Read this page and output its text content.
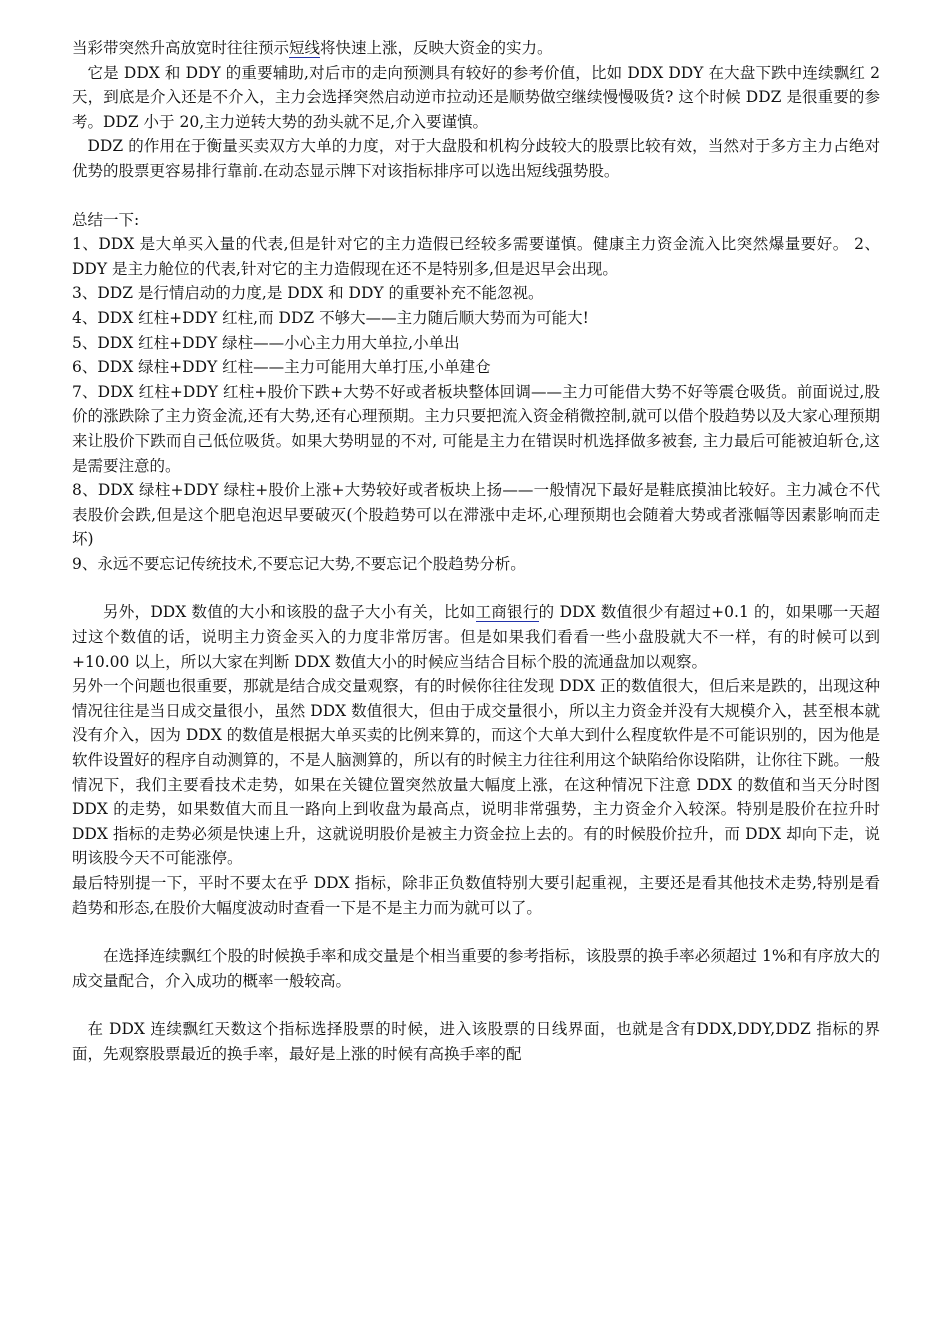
当彩带突然升高放宽时往往预示短线将快速上涨，反映大资金的实力。

它是 DDX 和 DDY 的重要辅助,对后市的走向预测具有较好的参考价值，比如 DDX DDY 在大盘下跌中连续飘红 2 天，到底是介入还是不介入，主力会选择突然启动逆市拉动还是顺势做空继续慢慢吸货? 这个时候 DDZ 是很重要的参考。DDZ 小于 20,主力逆转大势的劲头就不足,介入要谨慎。

DDZ 的作用在于衡量买卖双方大单的力度，对于大盘股和机构分歧较大的股票比较有效，当然对于多方主力占绝对优势的股票更容易排行靠前.在动态显示牌下对该指标排序可以选出短线强势股。

总结一下:

1、DDX 是大单买入量的代表,但是针对它的主力造假已经较多需要谨慎。健康主力资金流入比突然爆量要好。 2、DDY 是主力舱位的代表,针对它的主力造假现在还不是特别多,但是迟早会出现。

3、DDZ 是行情启动的力度,是 DDX 和 DDY 的重要补充不能忽视。

4、DDX 红柱+DDY 红柱,而 DDZ 不够大——主力随后顺大势而为可能大!

5、DDX 红柱+DDY 绿柱——小心主力用大单拉,小单出

6、DDX 绿柱+DDY 红柱——主力可能用大单打压,小单建仓

7、DDX 红柱+DDY 红柱+股价下跌+大势不好或者板块整体回调——主力可能借大势不好等震仓吸货。前面说过,股价的涨跌除了主力资金流,还有大势,还有心理预期。主力只要把流入资金稍微控制,就可以借个股趋势以及大家心理预期来让股价下跌而自己低位吸货。如果大势明显的不对, 可能是主力在错误时机选择做多被套, 主力最后可能被迫斩仓,这是需要注意的。

8、DDX 绿柱+DDY 绿柱+股价上涨+大势较好或者板块上扬——一般情况下最好是鞋底摸油比较好。主力减仓不代表股价会跌,但是这个肥皂泡迟早要破灭(个股趋势可以在滞涨中走坏,心理预期也会随着大势或者涨幅等因素影响而走坏)

9、永远不要忘记传统技术,不要忘记大势,不要忘记个股趋势分析。

另外，DDX 数值的大小和该股的盘子大小有关，比如工商银行的 DDX 数值很少有超过+0.1 的，如果哪一天超过这个数值的话，说明主力资金买入的力度非常厉害。但是如果我们看看一些小盘股就大不一样，有的时候可以到+10.00 以上，所以大家在判断 DDX 数值大小的时候应当结合目标个股的流通盘加以观察。

另外一个问题也很重要，那就是结合成交量观察，有的时候你往往发现 DDX 正的数值很大，但后来是跌的，出现这种情况往往是当日成交量很小，虽然 DDX 数值很大，但由于成交量很小，所以主力资金并没有大规模介入，甚至根本就没有介入，因为 DDX 的数值是根据大单买卖的比例来算的，而这个大单大到什么程度软件是不可能识别的，因为他是软件设置好的程序自动测算的，不是人脑测算的，所以有的时候主力往往利用这个缺陷给你设陷阱，让你往下跳。一般情况下，我们主要看技术走势，如果在关键位置突然放量大幅度上涨，在这种情况下注意 DDX 的数值和当天分时图 DDX 的走势，如果数值大而且一路向上到收盘为最高点，说明非常强势，主力资金介入较深。特别是股价在拉升时 DDX 指标的走势必须是快速上升，这就说明股价是被主力资金拉上去的。有的时候股价拉升，而 DDX 却向下走，说明该股今天不可能涨停。

最后特别提一下，平时不要太在乎 DDX 指标，除非正负数值特别大要引起重视，主要还是看其他技术走势,特别是看趋势和形态,在股价大幅度波动时查看一下是不是主力而为就可以了。

在选择连续飘红个股的时候换手率和成交量是个相当重要的参考指标，该股票的换手率必须超过 1%和有序放大的成交量配合，介入成功的概率一般较高。

在 DDX 连续飘红天数这个指标选择股票的时候，进入该股票的日线界面，也就是含有DDX,DDY,DDZ 指标的界面，先观察股票最近的换手率，最好是上涨的时候有高换手率的配
